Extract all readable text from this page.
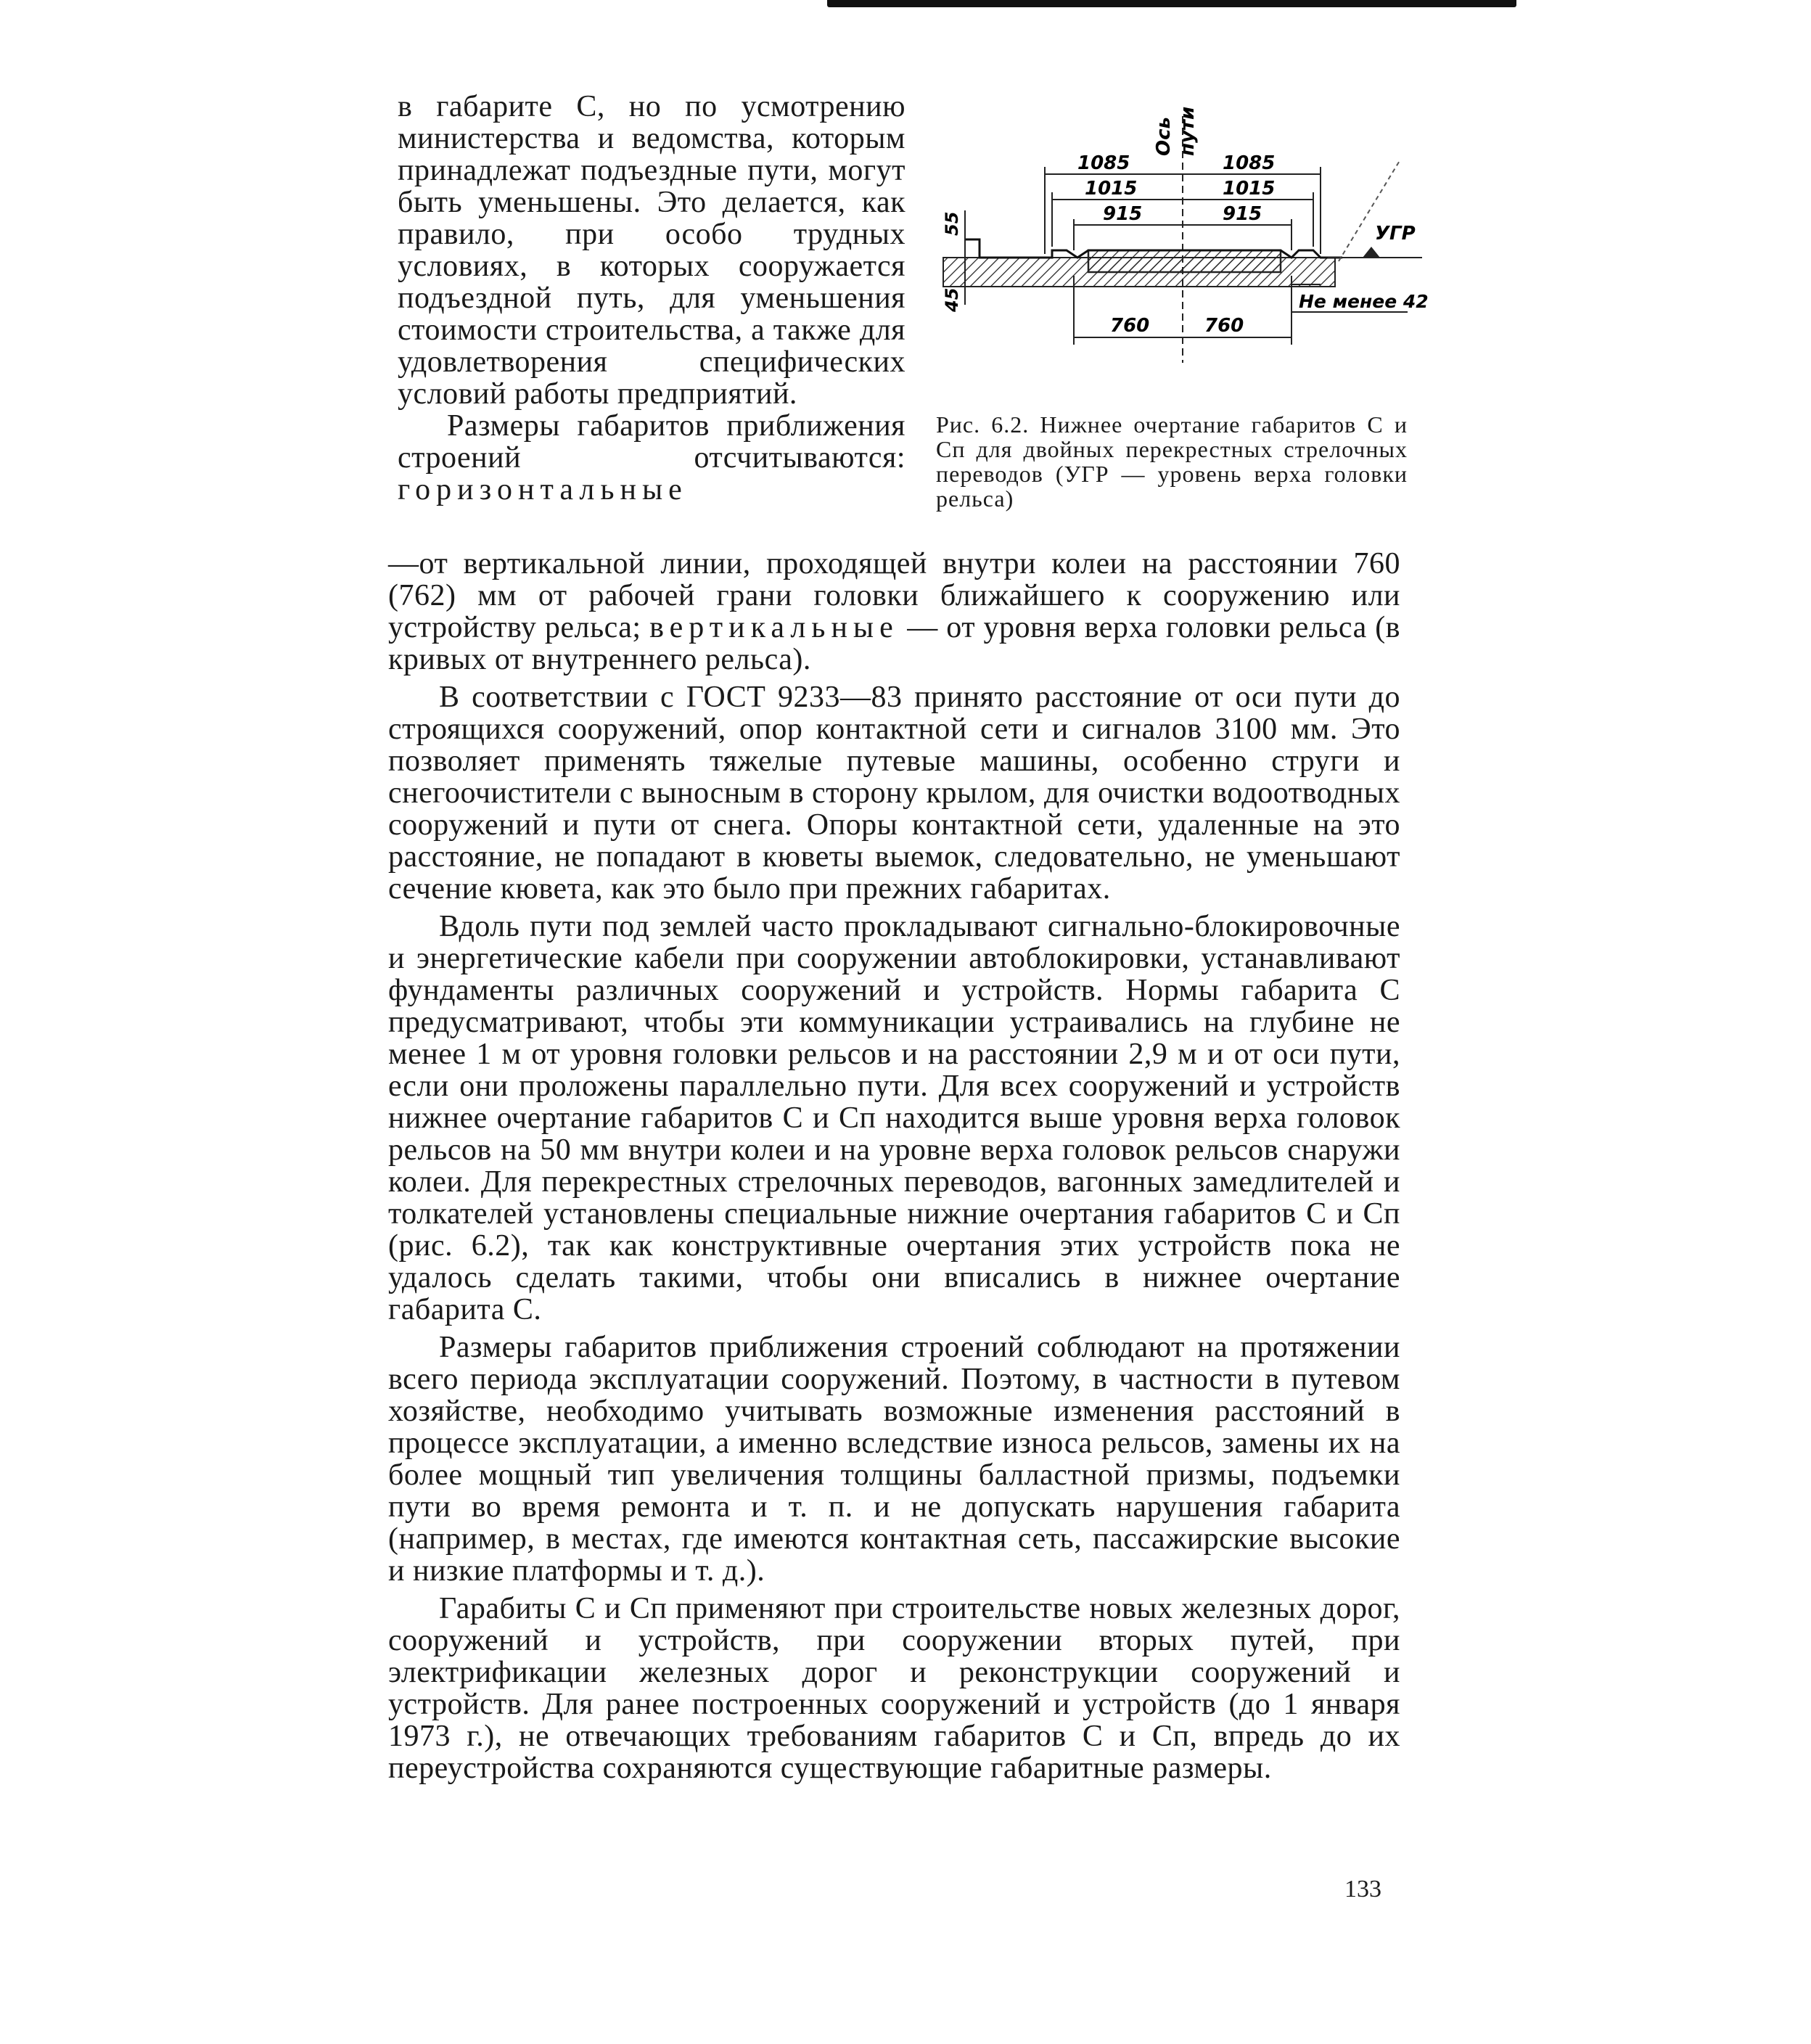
в габарите С, но по усмотрению министерства и ведомства, которым принадлежат подъездные пути, могут быть уменьшены. Это делается, как правило, при особо трудных условиях, в которых сооружается подъездной путь, для уменьшения стоимости строительства, а также для удовлетворения специфических условий работы предприятий.

Размеры габаритов приближения строений отсчитываются: горизонтальные

Ось пути
1085	1085
1015	1015
915	915
55
45
760	760
Не менее 42
УГР
Рис. 6.2. Нижнее очертание габаритов С и Сп для двойных перекрестных стрелочных переводов (УГР — уровень верха головки рельса)

—от вертикальной линии, проходящей внутри колеи на расстоянии 760 (762) мм от рабочей грани головки ближайшего к сооружению или устройству рельса; вертикальные — от уровня верха головки рельса (в кривых от внутреннего рельса).

В соответствии с ГОСТ 9233—83 принято расстояние от оси пути до строящихся сооружений, опор контактной сети и сигналов 3100 мм. Это позволяет применять тяжелые путевые машины, особенно струги и снегоочистители с выносным в сторону крылом, для очистки водоотводных сооружений и пути от снега. Опоры контактной сети, удаленные на это расстояние, не попадают в кюветы выемок, следовательно, не уменьшают сечение кювета, как это было при прежних габаритах.

Вдоль пути под землей часто прокладывают сигнально-блокировочные и энергетические кабели при сооружении автоблокировки, устанавливают фундаменты различных сооружений и устройств. Нормы габарита С предусматривают, чтобы эти коммуникации устраивались на глубине не менее 1 м от уровня головки рельсов и на расстоянии 2,9 м и от оси пути, если они проложены параллельно пути. Для всех сооружений и устройств нижнее очертание габаритов С и Сп находится выше уровня верха головок рельсов на 50 мм внутри колеи и на уровне верха головок рельсов снаружи колеи. Для перекрестных стрелочных переводов, вагонных замедлителей и толкателей установлены специальные нижние очертания габаритов С и Сп (рис. 6.2), так как конструктивные очертания этих устройств пока не удалось сделать такими, чтобы они вписались в нижнее очертание габарита С.

Размеры габаритов приближения строений соблюдают на протяжении всего периода эксплуатации сооружений. Поэтому, в частности в путевом хозяйстве, необходимо учитывать возможные изменения расстояний в процессе эксплуатации, а именно вследствие износа рельсов, замены их на более мощный тип увеличения толщины балластной призмы, подъемки пути во время ремонта и т. п. и не допускать нарушения габарита (например, в местах, где имеются контактная сеть, пассажирские высокие и низкие платформы и т. д.).

Гарабиты С и Сп применяют при строительстве новых железных дорог, сооружений и устройств, при сооружении вторых путей, при электрификации железных дорог и реконструкции сооружений и устройств. Для ранее построенных сооружений и устройств (до 1 января 1973 г.), не отвечающих требованиям габаритов С и Сп, впредь до их переустройства сохраняются существующие габаритные размеры.

133
